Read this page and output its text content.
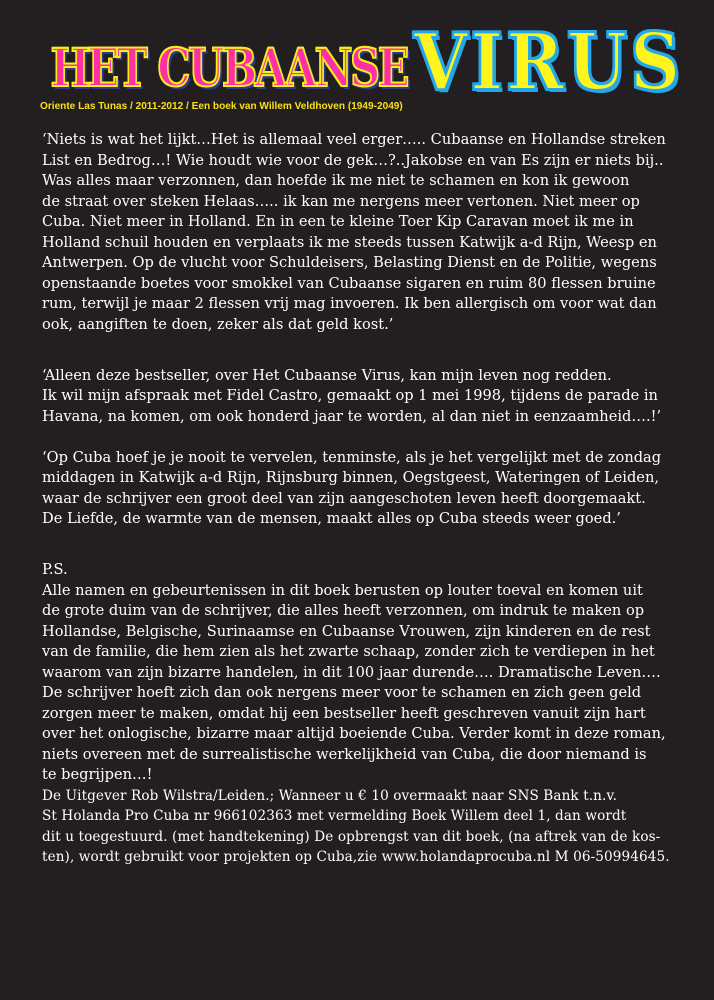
HET CUBAANSE VIRUS
Oriente Las Tunas / 2011-2012 / Een boek van Willem Veldhoven (1949-2049)
‘Niets is wat het lijkt…Het is allemaal veel erger….. Cubaanse en Hollandse streken
List en Bedrog…! Wie houdt wie voor de gek…?..Jakobse en van Es zijn er niets bij..
Was alles maar verzonnen, dan hoefde ik me niet te schamen en kon ik gewoon
de straat over steken Helaas….. ik kan me nergens meer vertonen. Niet meer op
Cuba. Niet meer in Holland. En in een te kleine Toer Kip Caravan moet ik me in
Holland schuil houden en verplaats ik me steeds tussen Katwijk a-d Rijn, Weesp en
Antwerpen. Op de vlucht voor Schuldeisers, Belasting Dienst en de Politie, wegens
openstaande boetes voor smokkel van Cubaanse sigaren en ruim 80 flessen bruine
rum, terwijl je maar 2 flessen vrij mag invoeren. Ik ben allergisch om voor wat dan
ook, aangiften te doen, zeker als dat geld kost.’
‘Alleen deze bestseller, over Het Cubaanse Virus, kan mijn leven nog redden.
Ik wil mijn afspraak met Fidel Castro, gemaakt op 1 mei 1998, tijdens de parade in
Havana, na komen, om ook honderd jaar te worden, al dan niet in eenzaamheid….!’
‘Op Cuba hoef je je nooit te vervelen, tenminste, als je het vergelijkt met de zondag
middagen in Katwijk a-d Rijn, Rijnsburg binnen, Oegstgeest, Wateringen of Leiden,
waar de schrijver een groot deel van zijn aangeschoten leven heeft doorgemaakt.
De Liefde, de warmte van de mensen, maakt alles op Cuba steeds weer goed.’
P.S.
Alle namen en gebeurtenissen in dit boek berusten op louter toeval en komen uit
de grote duim van de schrijver, die alles heeft verzonnen, om indruk te maken op
Hollandse, Belgische, Surinaamse en Cubaanse Vrouwen, zijn kinderen en de rest
van de familie, die hem zien als het zwarte schaap, zonder zich te verdiepen in het
waarom van zijn bizarre handelen, in dit 100 jaar durende…. Dramatische Leven….
De schrijver hoeft zich dan ook nergens meer voor te schamen en zich geen geld
zorgen meer te maken, omdat hij een bestseller heeft geschreven vanuit zijn hart
over het onlogische, bizarre maar altijd boeiende Cuba. Verder komt in deze roman,
niets overeen met de surrealistische werkelijkheid van Cuba, die door niemand is
te begrijpen…!
De Uitgever Rob Wilstra/Leiden.; Wanneer u € 10 overmaakt naar SNS Bank t.n.v.
St Holanda Pro Cuba nr 966102363 met vermelding Boek Willem deel 1, dan wordt
dit u toegestuurd. (met handtekening) De opbrengst van dit boek, (na aftrek van de kos-
ten), wordt gebruikt voor projekten op Cuba,zie www.holandaprocuba.nl M 06-50994645.
